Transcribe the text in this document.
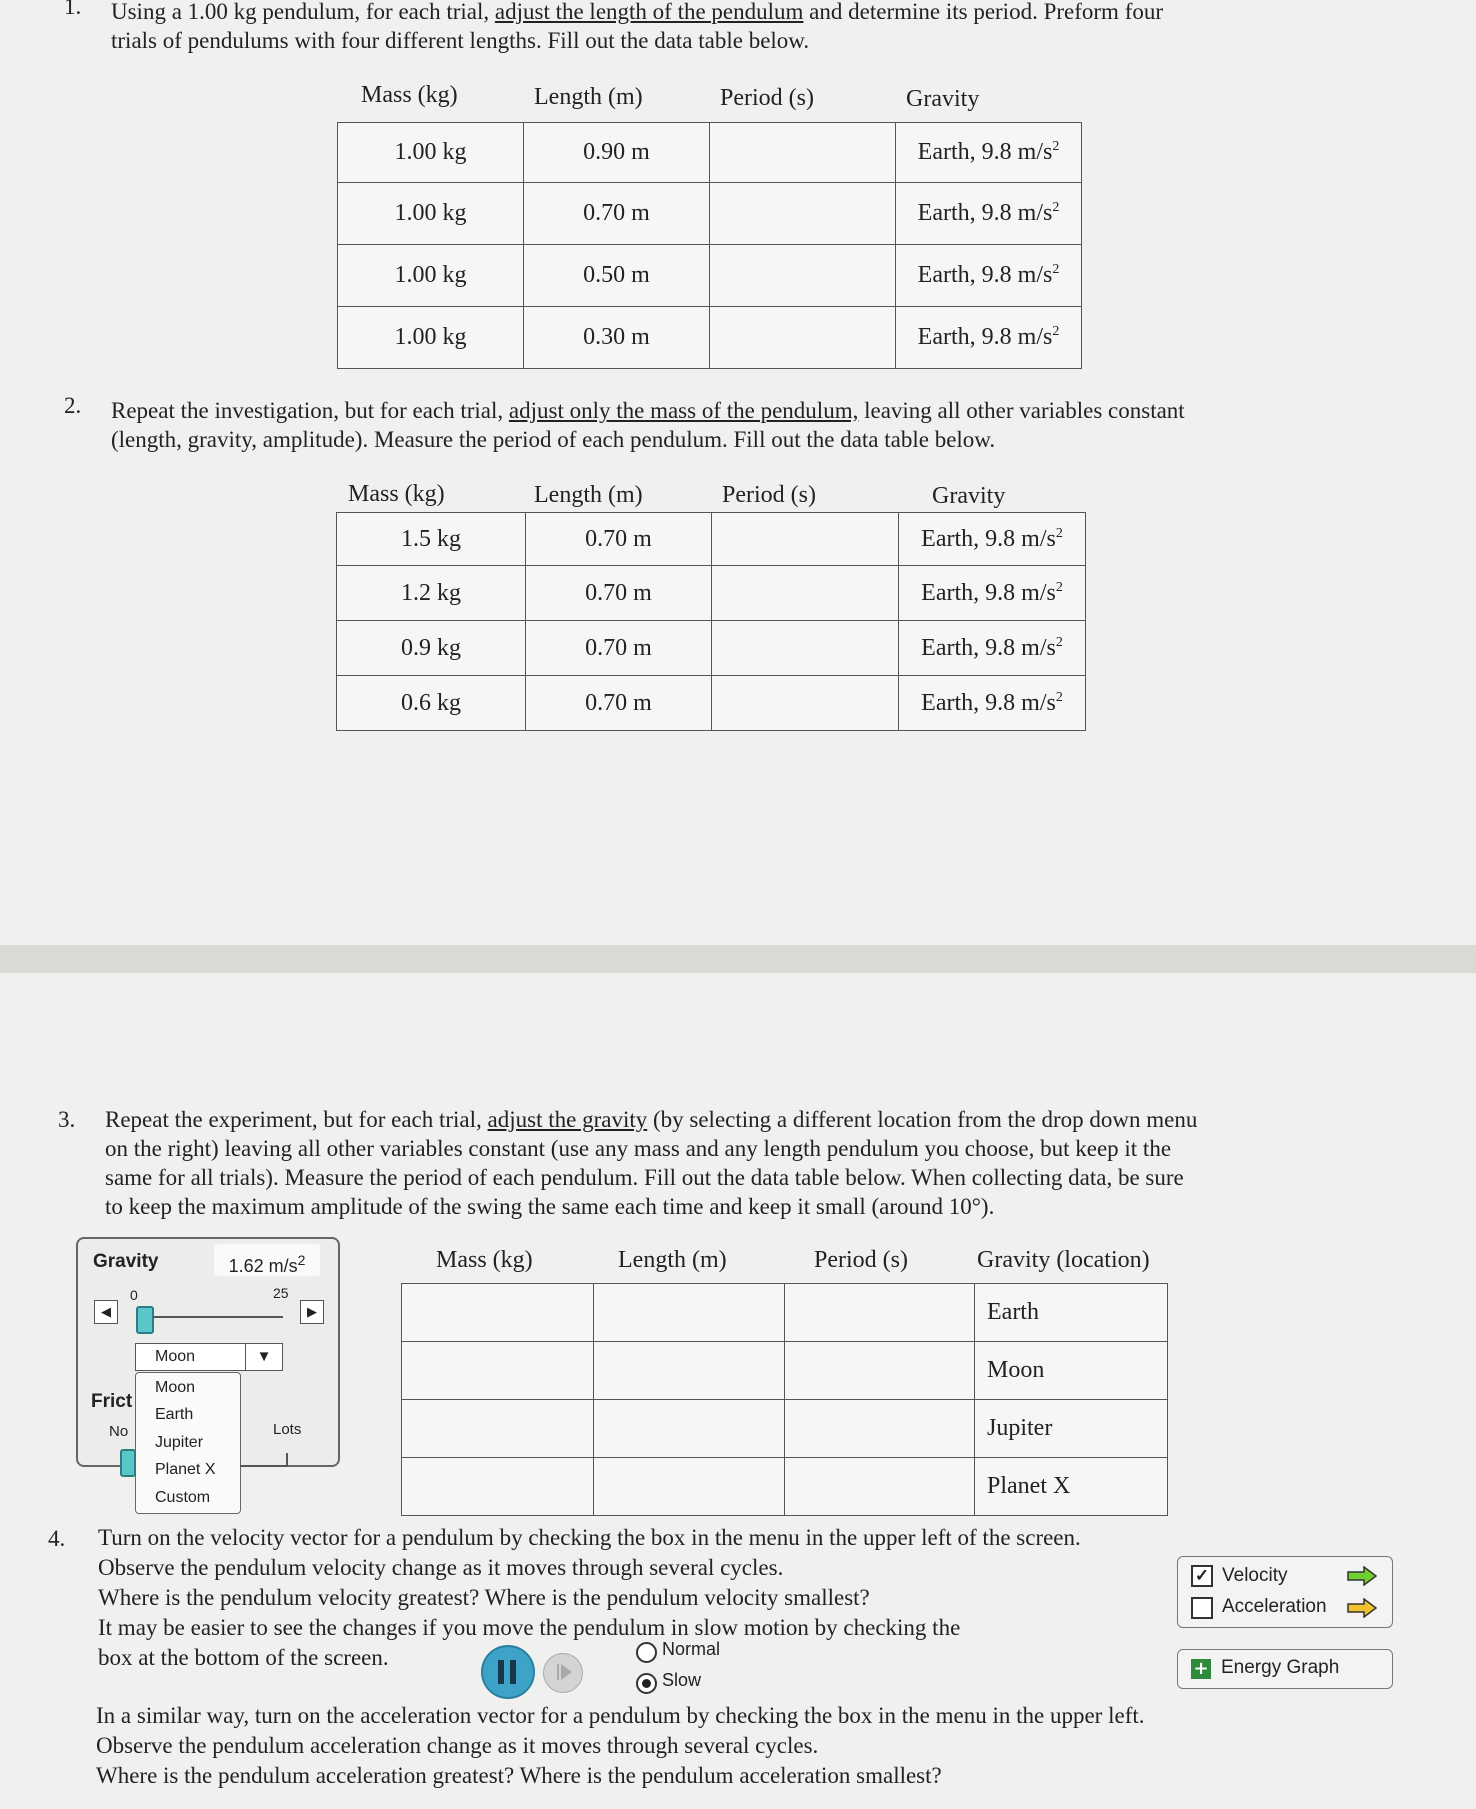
1. Using a 1.00 kg pendulum, for each trial, adjust the length of the pendulum and determine its period. Preform four
trials of pendulums with four different lengths. Fill out the data table below.
Mass (kg)	Length (m)	Period (s)	Gravity
1.00 kg	0.90 m		Earth, 9.8 $m/s^2$
1.00 kg	0.70 m		Earth, 9.8 $m/s^2$
1.00 kg	0.50 m		Earth, 9.8 $m/s^2$
1.00 kg	0.30 m		Earth, 9.8 $m/s^2$
2. Repeat the investigation, but for each trial, adjust only the mass of the pendulum, leaving all other variables constant
(length, gravity, amplitude). Measure the period of each pendulum. Fill out the data table below.
Mass (kg)	Length (m)	Period (s)	Gravity
1.5 kg	0.70 m		Earth, 9.8 $m/s^2$
1.2 kg	0.70 m		Earth, 9.8 $m/s^2$
0.9 kg	0.70 m		Earth, 9.8 $m/s^2$
0.6 kg	0.70 m		Earth, 9.8 $m/s^2$
3. Repeat the experiment, but for each trial, adjust the gravity (by selecting a different location from the drop down menu
on the right) leaving all other variables constant (use any mass and any length pendulum you choose, but keep it the
same for all trials). Measure the period of each pendulum. Fill out the data table below. When collecting data, be sure
to keep the maximum amplitude of the swing the same each time and keep it small (around 10°).
Gravity	1.62 $m/s^2$
0	25
◀	▶
Moon	▼
Moon
Earth
Jupiter
Planet X
Custom
Frict
No	Lots
Mass (kg)	Length (m)	Period (s)	Gravity (location)
			Earth
			Moon
			Jupiter
			Planet X
4. Turn on the velocity vector for a pendulum by checking the box in the menu in the upper left of the screen.
Observe the pendulum velocity change as it moves through several cycles.
Where is the pendulum velocity greatest? Where is the pendulum velocity smallest?
It may be easier to see the changes if you move the pendulum in slow motion by checking the
box at the bottom of the screen.
✓ Velocity
Acceleration
+ Energy Graph
Normal
Slow
In a similar way, turn on the acceleration vector for a pendulum by checking the box in the menu in the upper left.
Observe the pendulum acceleration change as it moves through several cycles.
Where is the pendulum acceleration greatest? Where is the pendulum acceleration smallest?
